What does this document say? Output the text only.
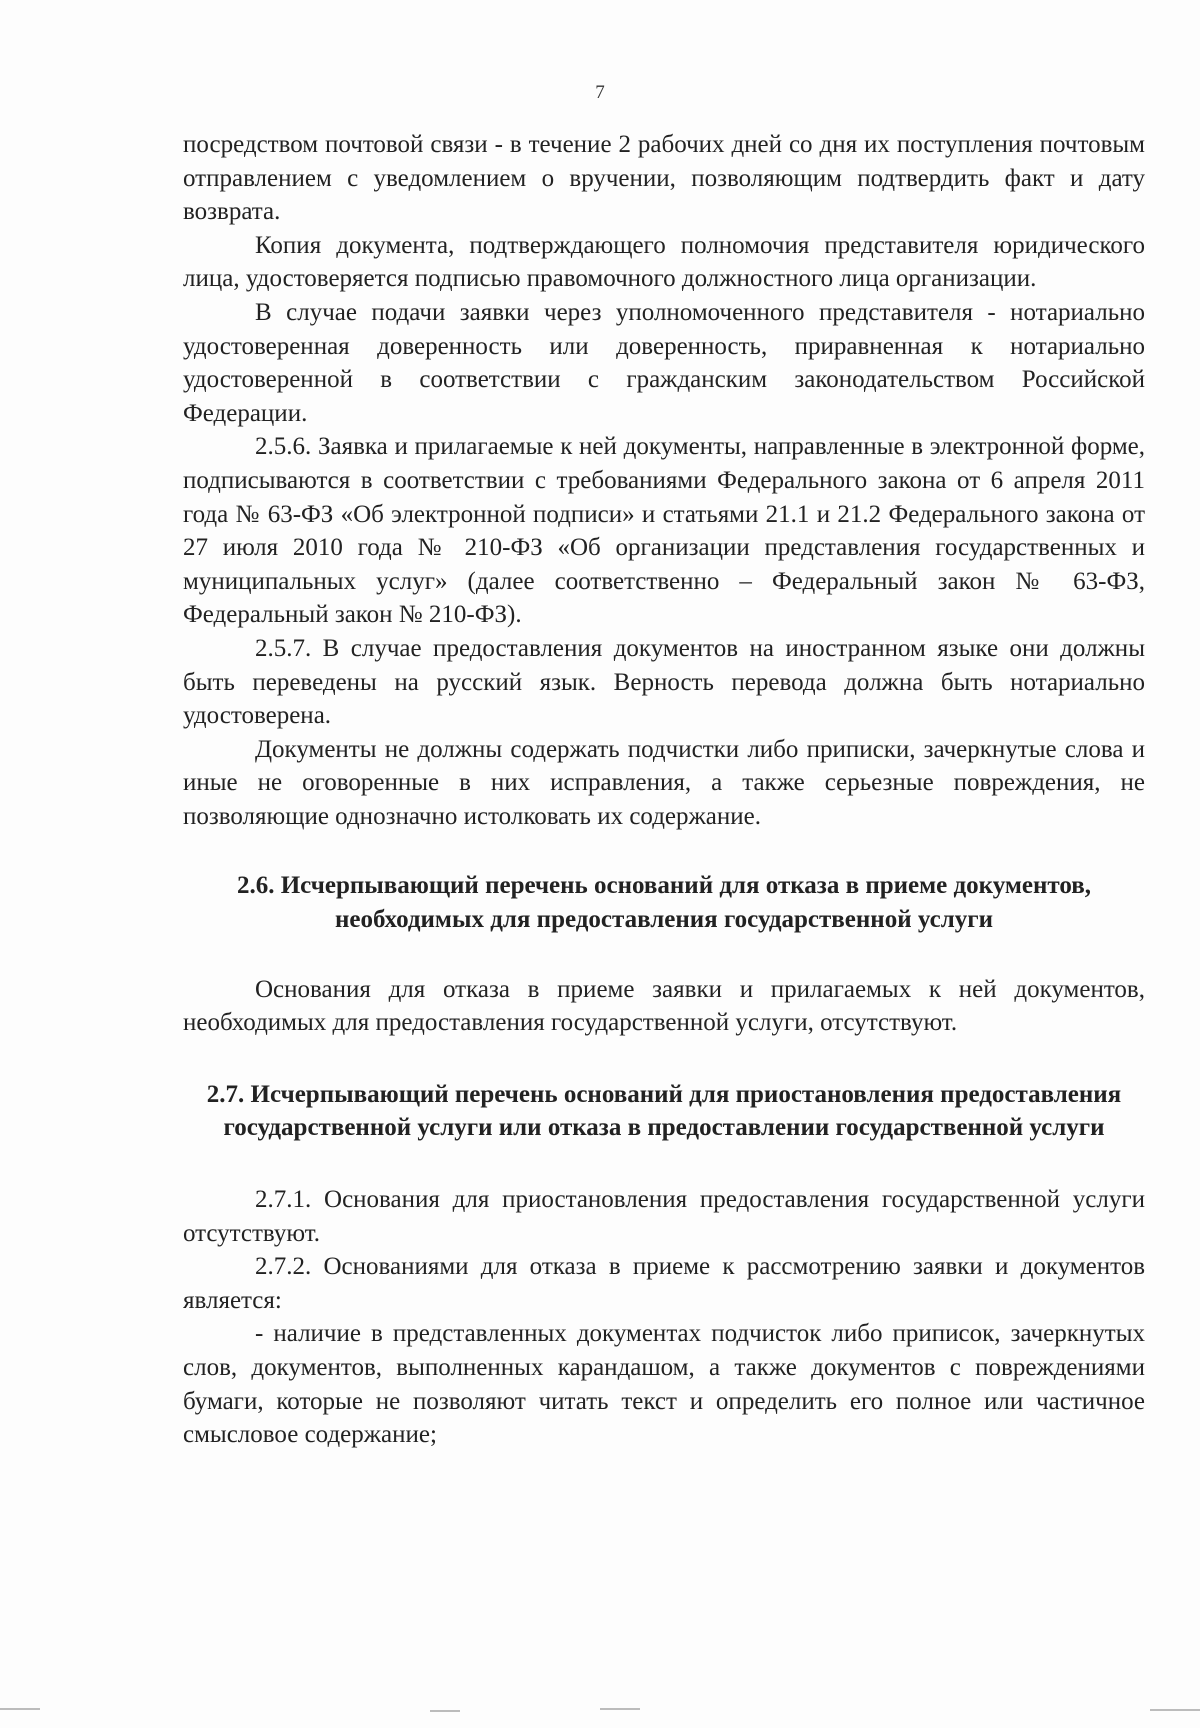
7

посредством почтовой связи - в течение 2 рабочих дней со дня их поступления почтовым отправлением с уведомлением о вручении, позволяющим подтвердить факт и дату возврата.

Копия документа, подтверждающего полномочия представителя юридического лица, удостоверяется подписью правомочного должностного лица организации.

В случае подачи заявки через уполномоченного представителя - нотариально удостоверенная доверенность или доверенность, приравненная к нотариально удостоверенной в соответствии с гражданским законодательством Российской Федерации.

2.5.6. Заявка и прилагаемые к ней документы, направленные в электронной форме, подписываются в соответствии с требованиями Федерального закона от 6 апреля 2011 года № 63-ФЗ «Об электронной подписи» и статьями 21.1 и 21.2 Федерального закона от 27 июля 2010 года № 210-ФЗ «Об организации представления государственных и муниципальных услуг» (далее соответственно – Федеральный закон № 63-ФЗ, Федеральный закон № 210-ФЗ).

2.5.7. В случае предоставления документов на иностранном языке они должны быть переведены на русский язык. Верность перевода должна быть нотариально удостоверена.

Документы не должны содержать подчистки либо приписки, зачеркнутые слова и иные не оговоренные в них исправления, а также серьезные повреждения, не позволяющие однозначно истолковать их содержание.

2.6. Исчерпывающий перечень оснований для отказа в приеме документов, необходимых для предоставления государственной услуги

Основания для отказа в приеме заявки и прилагаемых к ней документов, необходимых для предоставления государственной услуги, отсутствуют.

2.7. Исчерпывающий перечень оснований для приостановления предоставления государственной услуги или отказа в предоставлении государственной услуги

2.7.1. Основания для приостановления предоставления государственной услуги отсутствуют.

2.7.2. Основаниями для отказа в приеме к рассмотрению заявки и документов является:

- наличие в представленных документах подчисток либо приписок, зачеркнутых слов, документов, выполненных карандашом, а также документов с повреждениями бумаги, которые не позволяют читать текст и определить его полное или частичное смысловое содержание;
